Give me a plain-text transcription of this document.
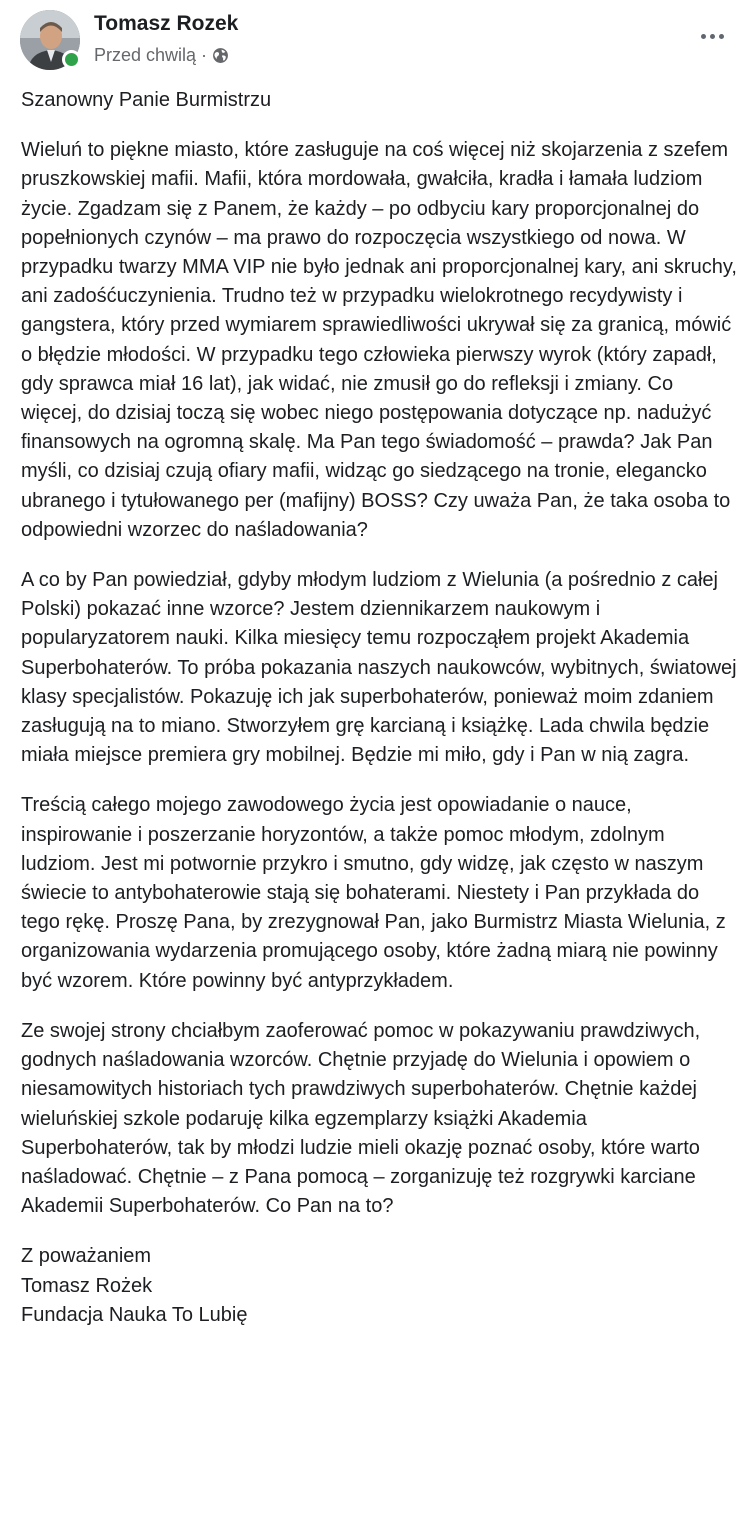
Tomasz Rozek
Przed chwilą ·

Szanowny Panie Burmistrzu

Wieluń to piękne miasto, które zasługuje na coś więcej niż skojarzenia z szefem pruszkowskiej mafii. Mafii, która mordowała, gwałciła, kradła i łamała ludziom życie. Zgadzam się z Panem, że każdy – po odbyciu kary proporcjonalnej do popełnionych czynów – ma prawo do rozpoczęcia wszystkiego od nowa. W przypadku twarzy MMA VIP nie było jednak ani proporcjonalnej kary, ani skruchy, ani zadośćuczynienia. Trudno też w przypadku wielokrotnego recydywisty i gangstera, który przed wymiarem sprawiedliwości ukrywał się za granicą, mówić o błędzie młodości. W przypadku tego człowieka pierwszy wyrok (który zapadł, gdy sprawca miał 16 lat), jak widać, nie zmusił go do refleksji i zmiany. Co więcej, do dzisiaj toczą się wobec niego postępowania dotyczące np. nadużyć finansowych na ogromną skalę. Ma Pan tego świadomość – prawda? Jak Pan myśli, co dzisiaj czują ofiary mafii, widząc go siedzącego na tronie, elegancko ubranego i tytułowanego per (mafijny) BOSS? Czy uważa Pan, że taka osoba to odpowiedni wzorzec do naśladowania?

A co by Pan powiedział, gdyby młodym ludziom z Wielunia (a pośrednio z całej Polski) pokazać inne wzorce? Jestem dziennikarzem naukowym i popularyzatorem nauki. Kilka miesięcy temu rozpocząłem projekt Akademia Superbohaterów. To próba pokazania naszych naukowców, wybitnych, światowej klasy specjalistów. Pokazuję ich jak superbohaterów, ponieważ moim zdaniem zasługują na to miano. Stworzyłem grę karcianą i książkę. Lada chwila będzie miała miejsce premiera gry mobilnej. Będzie mi miło, gdy i Pan w nią zagra.

Treścią całego mojego zawodowego życia jest opowiadanie o nauce, inspirowanie i poszerzanie horyzontów, a także pomoc młodym, zdolnym ludziom. Jest mi potwornie przykro i smutno, gdy widzę, jak często w naszym świecie to antybohaterowie stają się bohaterami. Niestety i Pan przykłada do tego rękę. Proszę Pana, by zrezygnował Pan, jako Burmistrz Miasta Wielunia, z organizowania wydarzenia promującego osoby, które żadną miarą nie powinny być wzorem. Które powinny być antyprzykładem.

Ze swojej strony chciałbym zaoferować pomoc w pokazywaniu prawdziwych, godnych naśladowania wzorców. Chętnie przyjadę do Wielunia i opowiem o niesamowitych historiach tych prawdziwych superbohaterów. Chętnie każdej wieluńskiej szkole podaruję kilka egzemplarzy książki Akademia Superbohaterów, tak by młodzi ludzie mieli okazję poznać osoby, które warto naśladować. Chętnie – z Pana pomocą – zorganizuję też rozgrywki karciane Akademii Superbohaterów. Co Pan na to?

Z poważaniem

Tomasz Rożek

Fundacja Nauka To Lubię
